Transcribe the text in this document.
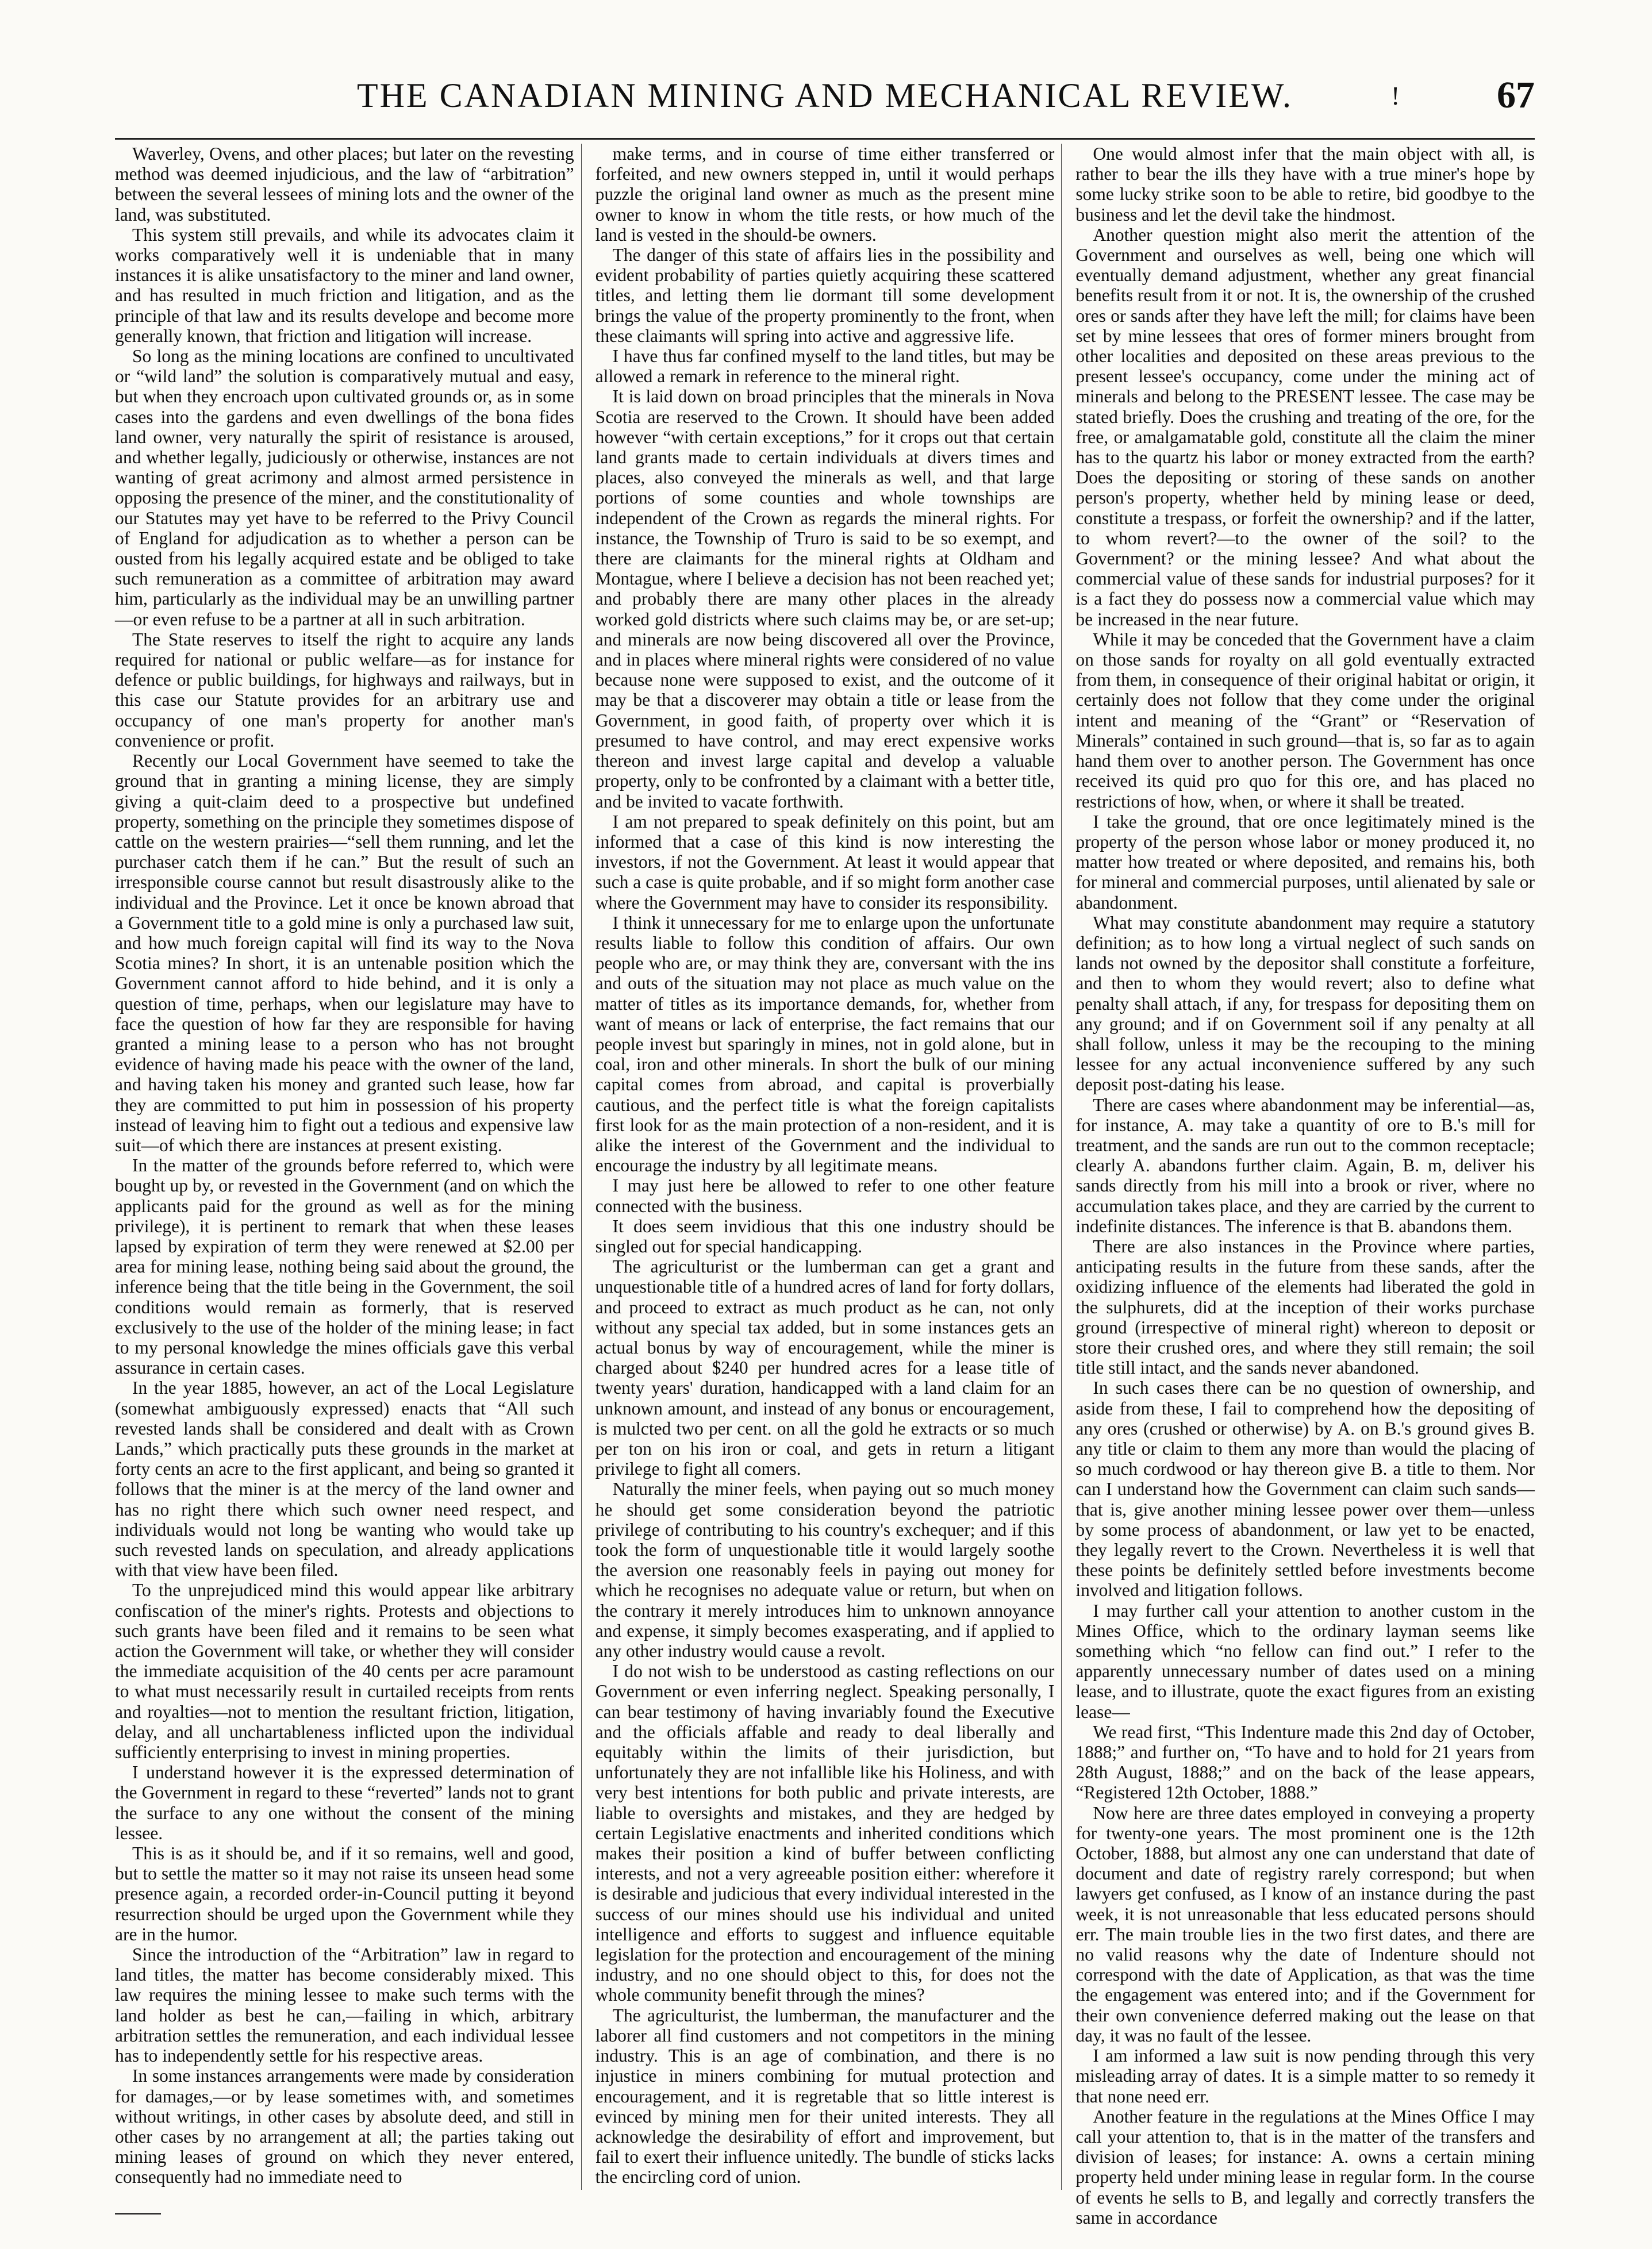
THE CANADIAN MINING AND MECHANICAL REVIEW.	67
!

Waverley, Ovens, and other places; but later on the revesting method was deemed injudicious, and the law of “arbitration” between the several lessees of mining lots and the owner of the land, was substituted.

This system still prevails, and while its advocates claim it works comparatively well it is undeniable that in many instances it is alike unsatisfactory to the miner and land owner, and has resulted in much friction and litigation, and as the principle of that law and its results develope and become more generally known, that friction and litigation will increase.

So long as the mining locations are confined to uncultivated or “wild land” the solution is comparatively mutual and easy, but when they encroach upon cultivated grounds or, as in some cases into the gardens and even dwellings of the bona fides land owner, very naturally the spirit of resistance is aroused, and whether legally, judiciously or otherwise, instances are not wanting of great acrimony and almost armed persistence in opposing the presence of the miner, and the constitutionality of our Statutes may yet have to be referred to the Privy Council of England for adjudication as to whether a person can be ousted from his legally acquired estate and be obliged to take such remuneration as a committee of arbitration may award him, particularly as the individual may be an unwilling partner—or even refuse to be a partner at all in such arbitration.

The State reserves to itself the right to acquire any lands required for national or public welfare—as for instance for defence or public buildings, for highways and railways, but in this case our Statute provides for an arbitrary use and occupancy of one man's property for another man's convenience or profit.

Recently our Local Government have seemed to take the ground that in granting a mining license, they are simply giving a quit-claim deed to a prospective but undefined property, something on the principle they sometimes dispose of cattle on the western prairies—“sell them running, and let the purchaser catch them if he can.” But the result of such an irresponsible course cannot but result disastrously alike to the individual and the Province. Let it once be known abroad that a Government title to a gold mine is only a purchased law suit, and how much foreign capital will find its way to the Nova Scotia mines? In short, it is an untenable position which the Government cannot afford to hide behind, and it is only a question of time, perhaps, when our legislature may have to face the question of how far they are responsible for having granted a mining lease to a person who has not brought evidence of having made his peace with the owner of the land, and having taken his money and granted such lease, how far they are committed to put him in possession of his property instead of leaving him to fight out a tedious and expensive law suit—of which there are instances at present existing.

In the matter of the grounds before referred to, which were bought up by, or revested in the Government (and on which the applicants paid for the ground as well as for the mining privilege), it is pertinent to remark that when these leases lapsed by expiration of term they were renewed at $2.00 per area for mining lease, nothing being said about the ground, the inference being that the title being in the Government, the soil conditions would remain as formerly, that is reserved exclusively to the use of the holder of the mining lease; in fact to my personal knowledge the mines officials gave this verbal assurance in certain cases.

In the year 1885, however, an act of the Local Legislature (somewhat ambiguously expressed) enacts that “All such revested lands shall be considered and dealt with as Crown Lands,” which practically puts these grounds in the market at forty cents an acre to the first applicant, and being so granted it follows that the miner is at the mercy of the land owner and has no right there which such owner need respect, and individuals would not long be wanting who would take up such revested lands on speculation, and already applications with that view have been filed.

To the unprejudiced mind this would appear like arbitrary confiscation of the miner's rights. Protests and objections to such grants have been filed and it remains to be seen what action the Government will take, or whether they will consider the immediate acquisition of the 40 cents per acre paramount to what must necessarily result in curtailed receipts from rents and royalties—not to mention the resultant friction, litigation, delay, and all unchartableness inflicted upon the individual sufficiently enterprising to invest in mining properties.

I understand however it is the expressed determination of the Government in regard to these “reverted” lands not to grant the surface to any one without the consent of the mining lessee.

This is as it should be, and if it so remains, well and good, but to settle the matter so it may not raise its unseen head some presence again, a recorded order-in-Council putting it beyond resurrection should be urged upon the Government while they are in the humor.

Since the introduction of the “Arbitration” law in regard to land titles, the matter has become considerably mixed. This law requires the mining lessee to make such terms with the land holder as best he can,—failing in which, arbitrary arbitration settles the remuneration, and each individual lessee has to independently settle for his respective areas.

In some instances arrangements were made by consideration for damages,—or by lease sometimes with, and sometimes without writings, in other cases by absolute deed, and still in other cases by no arrangement at all; the parties taking out mining leases of ground on which they never entered, consequently had no immediate need to

make terms, and in course of time either transferred or forfeited, and new owners stepped in, until it would perhaps puzzle the original land owner as much as the present mine owner to know in whom the title rests, or how much of the land is vested in the should-be owners.

The danger of this state of affairs lies in the possibility and evident probability of parties quietly acquiring these scattered titles, and letting them lie dormant till some development brings the value of the property prominently to the front, when these claimants will spring into active and aggressive life.

I have thus far confined myself to the land titles, but may be allowed a remark in reference to the mineral right.

It is laid down on broad principles that the minerals in Nova Scotia are reserved to the Crown. It should have been added however “with certain exceptions,” for it crops out that certain land grants made to certain individuals at divers times and places, also conveyed the minerals as well, and that large portions of some counties and whole townships are independent of the Crown as regards the mineral rights. For instance, the Township of Truro is said to be so exempt, and there are claimants for the mineral rights at Oldham and Montague, where I believe a decision has not been reached yet; and probably there are many other places in the already worked gold districts where such claims may be, or are set-up; and minerals are now being discovered all over the Province, and in places where mineral rights were considered of no value because none were supposed to exist, and the outcome of it may be that a discoverer may obtain a title or lease from the Government, in good faith, of property over which it is presumed to have control, and may erect expensive works thereon and invest large capital and develop a valuable property, only to be confronted by a claimant with a better title, and be invited to vacate forthwith.

I am not prepared to speak definitely on this point, but am informed that a case of this kind is now interesting the investors, if not the Government. At least it would appear that such a case is quite probable, and if so might form another case where the Government may have to consider its responsibility.

I think it unnecessary for me to enlarge upon the unfortunate results liable to follow this condition of affairs. Our own people who are, or may think they are, conversant with the ins and outs of the situation may not place as much value on the matter of titles as its importance demands, for, whether from want of means or lack of enterprise, the fact remains that our people invest but sparingly in mines, not in gold alone, but in coal, iron and other minerals. In short the bulk of our mining capital comes from abroad, and capital is proverbially cautious, and the perfect title is what the foreign capitalists first look for as the main protection of a non-resident, and it is alike the interest of the Government and the individual to encourage the industry by all legitimate means.

I may just here be allowed to refer to one other feature connected with the business.

It does seem invidious that this one industry should be singled out for special handicapping.

The agriculturist or the lumberman can get a grant and unquestionable title of a hundred acres of land for forty dollars, and proceed to extract as much product as he can, not only without any special tax added, but in some instances gets an actual bonus by way of encouragement, while the miner is charged about $240 per hundred acres for a lease title of twenty years' duration, handicapped with a land claim for an unknown amount, and instead of any bonus or encouragement, is mulcted two per cent. on all the gold he extracts or so much per ton on his iron or coal, and gets in return a litigant privilege to fight all comers.

Naturally the miner feels, when paying out so much money he should get some consideration beyond the patriotic privilege of contributing to his country's exchequer; and if this took the form of unquestionable title it would largely soothe the aversion one reasonably feels in paying out money for which he recognises no adequate value or return, but when on the contrary it merely introduces him to unknown annoyance and expense, it simply becomes exasperating, and if applied to any other industry would cause a revolt.

I do not wish to be understood as casting reflections on our Government or even inferring neglect. Speaking personally, I can bear testimony of having invariably found the Executive and the officials affable and ready to deal liberally and equitably within the limits of their jurisdiction, but unfortunately they are not infallible like his Holiness, and with very best intentions for both public and private interests, are liable to oversights and mistakes, and they are hedged by certain Legislative enactments and inherited conditions which makes their position a kind of buffer between conflicting interests, and not a very agreeable position either: wherefore it is desirable and judicious that every individual interested in the success of our mines should use his individual and united intelligence and efforts to suggest and influence equitable legislation for the protection and encouragement of the mining industry, and no one should object to this, for does not the whole community benefit through the mines?

The agriculturist, the lumberman, the manufacturer and the laborer all find customers and not competitors in the mining industry. This is an age of combination, and there is no injustice in miners combining for mutual protection and encouragement, and it is regretable that so little interest is evinced by mining men for their united interests. They all acknowledge the desirability of effort and improvement, but fail to exert their influence unitedly. The bundle of sticks lacks the encircling cord of union.

One would almost infer that the main object with all, is rather to bear the ills they have with a true miner's hope by some lucky strike soon to be able to retire, bid goodbye to the business and let the devil take the hindmost.

Another question might also merit the attention of the Government and ourselves as well, being one which will eventually demand adjustment, whether any great financial benefits result from it or not. It is, the ownership of the crushed ores or sands after they have left the mill; for claims have been set by mine lessees that ores of former miners brought from other localities and deposited on these areas previous to the present lessee's occupancy, come under the mining act of minerals and belong to the PRESENT lessee. The case may be stated briefly. Does the crushing and treating of the ore, for the free, or amalgamatable gold, constitute all the claim the miner has to the quartz his labor or money extracted from the earth? Does the depositing or storing of these sands on another person's property, whether held by mining lease or deed, constitute a trespass, or forfeit the ownership? and if the latter, to whom revert?—to the owner of the soil? to the Government? or the mining lessee? And what about the commercial value of these sands for industrial purposes? for it is a fact they do possess now a commercial value which may be increased in the near future.

While it may be conceded that the Government have a claim on those sands for royalty on all gold eventually extracted from them, in consequence of their original habitat or origin, it certainly does not follow that they come under the original intent and meaning of the “Grant” or “Reservation of Minerals” contained in such ground—that is, so far as to again hand them over to another person. The Government has once received its quid pro quo for this ore, and has placed no restrictions of how, when, or where it shall be treated.

I take the ground, that ore once legitimately mined is the property of the person whose labor or money produced it, no matter how treated or where deposited, and remains his, both for mineral and commercial purposes, until alienated by sale or abandonment.

What may constitute abandonment may require a statutory definition; as to how long a virtual neglect of such sands on lands not owned by the depositor shall constitute a forfeiture, and then to whom they would revert; also to define what penalty shall attach, if any, for trespass for depositing them on any ground; and if on Government soil if any penalty at all shall follow, unless it may be the recouping to the mining lessee for any actual inconvenience suffered by any such deposit post-dating his lease.

There are cases where abandonment may be inferential—as, for instance, A. may take a quantity of ore to B.'s mill for treatment, and the sands are run out to the common receptacle; clearly A. abandons further claim. Again, B. m, deliver his sands directly from his mill into a brook or river, where no accumulation takes place, and they are carried by the current to indefinite distances. The inference is that B. abandons them.

There are also instances in the Province where parties, anticipating results in the future from these sands, after the oxidizing influence of the elements had liberated the gold in the sulphurets, did at the inception of their works purchase ground (irrespective of mineral right) whereon to deposit or store their crushed ores, and where they still remain; the soil title still intact, and the sands never abandoned.

In such cases there can be no question of ownership, and aside from these, I fail to comprehend how the depositing of any ores (crushed or otherwise) by A. on B.'s ground gives B. any title or claim to them any more than would the placing of so much cordwood or hay thereon give B. a title to them. Nor can I understand how the Government can claim such sands—that is, give another mining lessee power over them—unless by some process of abandonment, or law yet to be enacted, they legally revert to the Crown. Nevertheless it is well that these points be definitely settled before investments become involved and litigation follows.

I may further call your attention to another custom in the Mines Office, which to the ordinary layman seems like something which “no fellow can find out.” I refer to the apparently unnecessary number of dates used on a mining lease, and to illustrate, quote the exact figures from an existing lease—

We read first, “This Indenture made this 2nd day of October, 1888;” and further on, “To have and to hold for 21 years from 28th August, 1888;” and on the back of the lease appears, “Registered 12th October, 1888.”

Now here are three dates employed in conveying a property for twenty-one years. The most prominent one is the 12th October, 1888, but almost any one can understand that date of document and date of registry rarely correspond; but when lawyers get confused, as I know of an instance during the past week, it is not unreasonable that less educated persons should err. The main trouble lies in the two first dates, and there are no valid reasons why the date of Indenture should not correspond with the date of Application, as that was the time the engagement was entered into; and if the Government for their own convenience deferred making out the lease on that day, it was no fault of the lessee.

I am informed a law suit is now pending through this very misleading array of dates. It is a simple matter to so remedy it that none need err.

Another feature in the regulations at the Mines Office I may call your attention to, that is in the matter of the transfers and division of leases; for instance: A. owns a certain mining property held under mining lease in regular form. In the course of events he sells to B, and legally and correctly transfers the same in accordance
